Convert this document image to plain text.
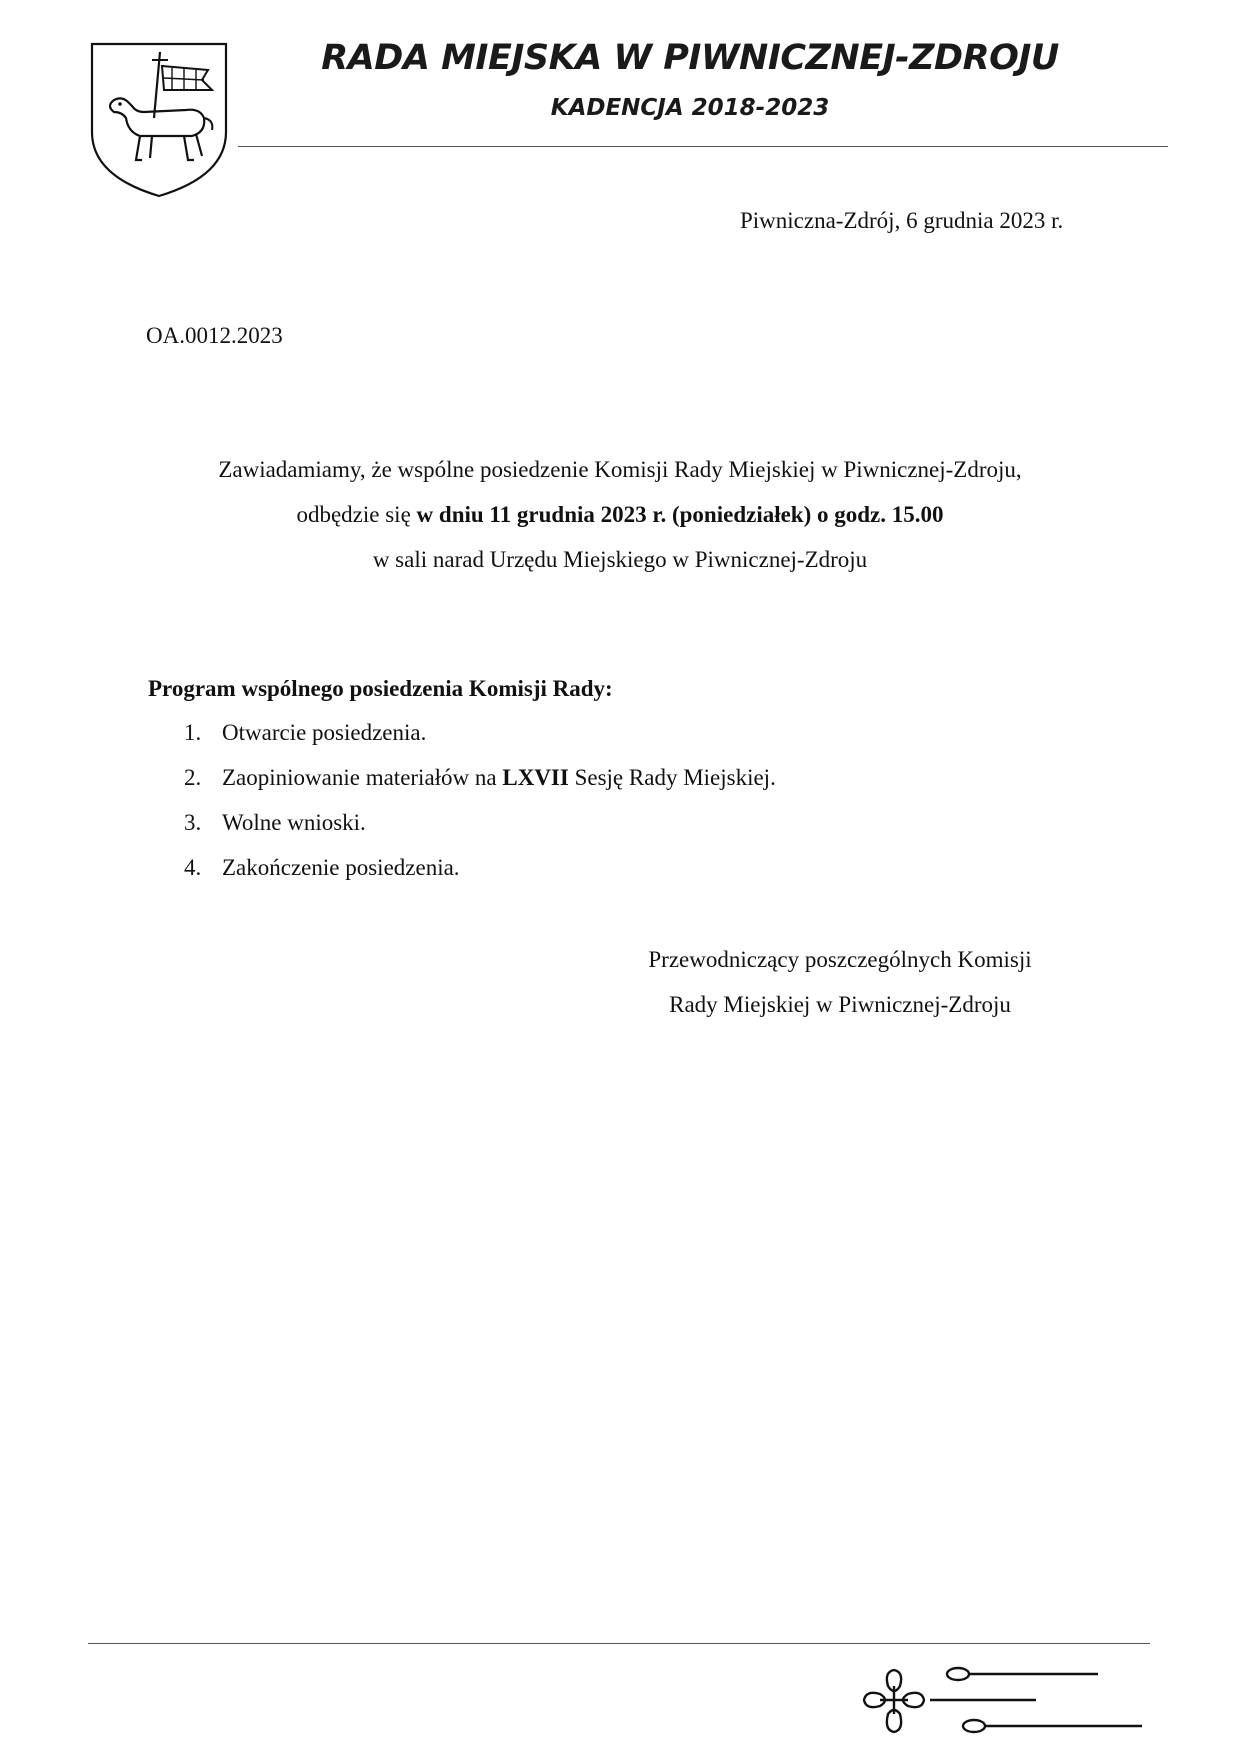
RADA MIEJSKA W PIWNICZNEJ-ZDROJU
KADENCJA 2018-2023
Piwniczna-Zdrój, 6 grudnia 2023 r.
OA.0012.2023
Zawiadamiamy, że wspólne posiedzenie Komisji Rady Miejskiej w Piwnicznej-Zdroju,
odbędzie się w dniu 11 grudnia 2023 r. (poniedziałek) o godz. 15.00
w sali narad Urzędu Miejskiego w Piwnicznej-Zdroju
Program wspólnego posiedzenia Komisji Rady:
1. Otwarcie posiedzenia.
2. Zaopiniowanie materiałów na LXVII Sesję Rady Miejskiej.
3. Wolne wnioski.
4. Zakończenie posiedzenia.
Przewodniczący poszczególnych Komisji
Rady Miejskiej w Piwnicznej-Zdroju
